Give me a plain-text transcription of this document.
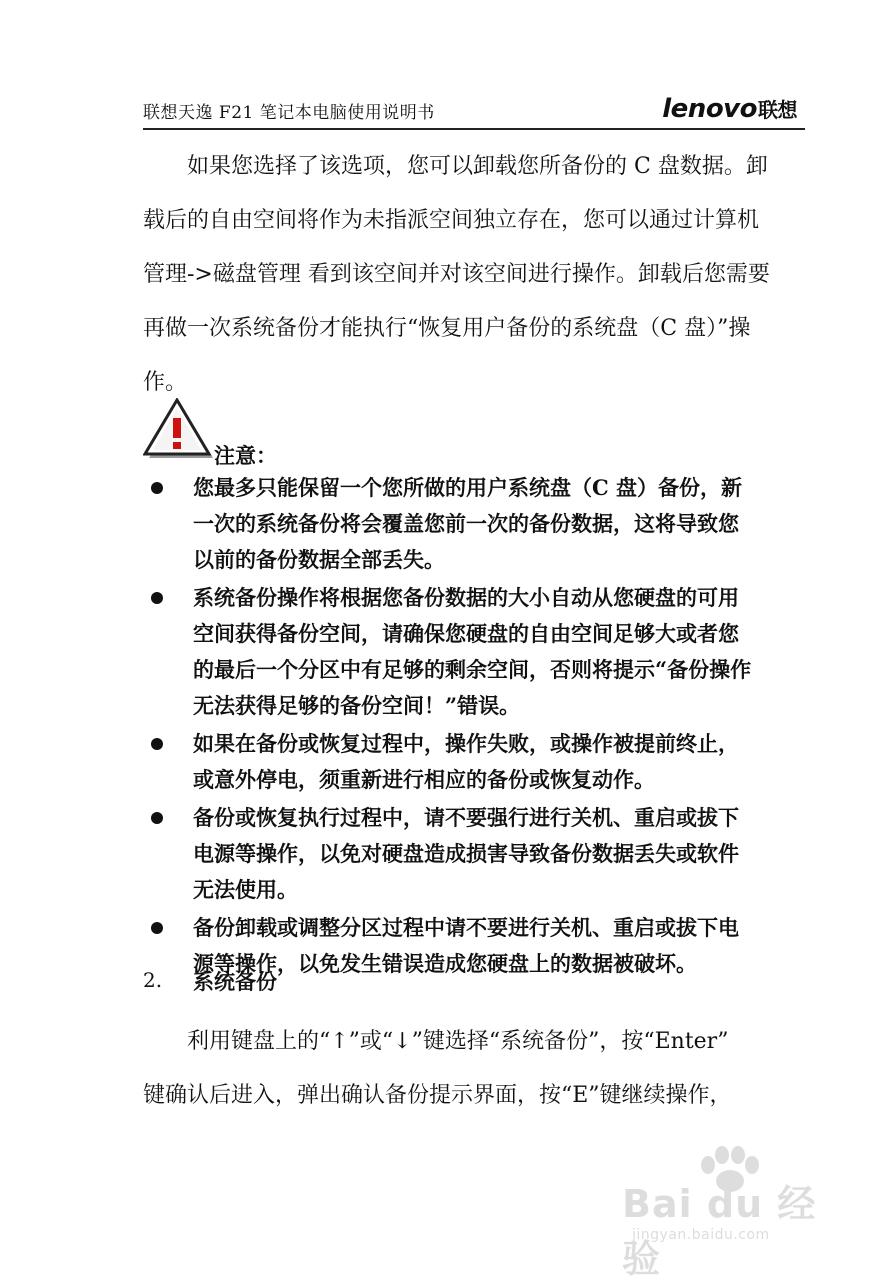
联想天逸 F21 笔记本电脑使用说明书	lenovo联想

　　如果您选择了该选项，您可以卸载您所备份的 C 盘数据。卸
载后的自由空间将作为未指派空间独立存在，您可以通过计算机
管理->磁盘管理 看到该空间并对该空间进行操作。卸载后您需要
再做一次系统备份才能执行“恢复用户备份的系统盘（C 盘）”操
作。

注意：
您最多只能保留一个您所做的用户系统盘（C 盘）备份，新
一次的系统备份将会覆盖您前一次的备份数据，这将导致您
以前的备份数据全部丢失。
系统备份操作将根据您备份数据的大小自动从您硬盘的可用
空间获得备份空间，请确保您硬盘的自由空间足够大或者您
的最后一个分区中有足够的剩余空间，否则将提示“备份操作
无法获得足够的备份空间！”错误。
如果在备份或恢复过程中，操作失败，或操作被提前终止，
或意外停电，须重新进行相应的备份或恢复动作。
备份或恢复执行过程中，请不要强行进行关机、重启或拔下
电源等操作，以免对硬盘造成损害导致备份数据丢失或软件
无法使用。
备份卸载或调整分区过程中请不要进行关机、重启或拔下电
源等操作，以免发生错误造成您硬盘上的数据被破坏。
2. 系统备份

　　利用键盘上的“↑”或“↓”键选择“系统备份”，按“Enter”
键确认后进入，弹出确认备份提示界面，按“E”键继续操作，

Bai du 经验
jingyan.baidu.com
